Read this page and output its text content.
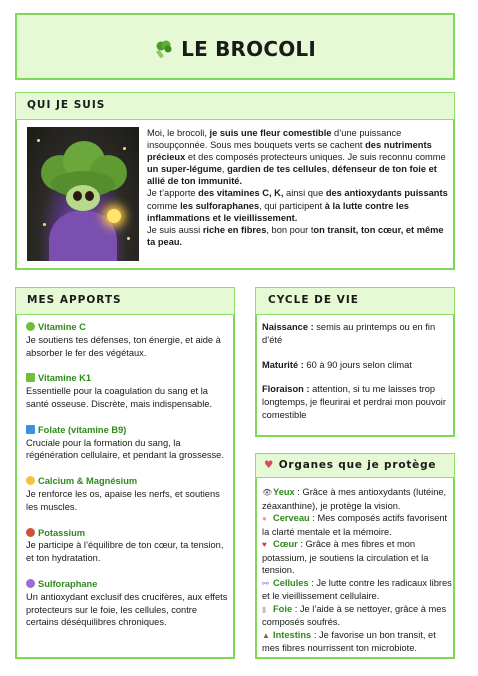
LE BROCOLI
QUI JE SUIS
Moi, le brocoli, je suis une fleur comestible d’une puissance insoupçonnée. Sous mes bouquets verts se cachent des nutriments précieux et des composés protecteurs uniques. Je suis reconnu comme un super-légume, gardien de tes cellules, défenseur de ton foie et allié de ton immunité.
Je t’apporte des vitamines C, K, ainsi que des antioxydants puissants comme les sulforaphanes, qui participent à la lutte contre les inflammations et le vieillissement.
Je suis aussi riche en fibres, bon pour ton transit, ton cœur, et même ta peau.
MES APPORTS
Vitamine C
Je soutiens tes défenses, ton énergie, et aide à absorber le fer des végétaux.
Vitamine K1
Essentielle pour la coagulation du sang et la santé osseuse. Discrète, mais indispensable.
Folate (vitamine B9)
Cruciale pour la formation du sang, la régénération cellulaire, et pendant la grossesse.
Calcium & Magnésium
Je renforce les os, apaise les nerfs, et soutiens les muscles.
Potassium
Je participe à l’équilibre de ton cœur, ta tension, et ton hydratation.
Sulforaphane
Un antioxydant exclusif des crucifères, aux effets protecteurs sur le foie, les cellules, contre certains déséquilibres chroniques.
CYCLE DE VIE
Naissance : semis au printemps ou en fin d’été
Maturité : 60 à 90 jours selon climat
Floraison : attention, si tu me laisses trop longtemps, je fleurirai et perdrai mon pouvoir comestible
♥ Organes que je protège
👁Yeux : Grâce à mes antioxydants (lutéine, zéaxanthine), je protège la vision.
● Cerveau : Mes composés actifs favorisent la clarté mentale et la mémoire.
♥ Cœur : Grâce à mes fibres et mon potassium, je soutiens la circulation et la tension.
⚯ Cellules : Je lutte contre les radicaux libres et le vieillissement cellulaire.
▮ Foie : Je l’aide à se nettoyer, grâce à mes composés soufrés.
▲ Intestins : Je favorise un bon transit, et mes fibres nourrissent ton microbiote.
